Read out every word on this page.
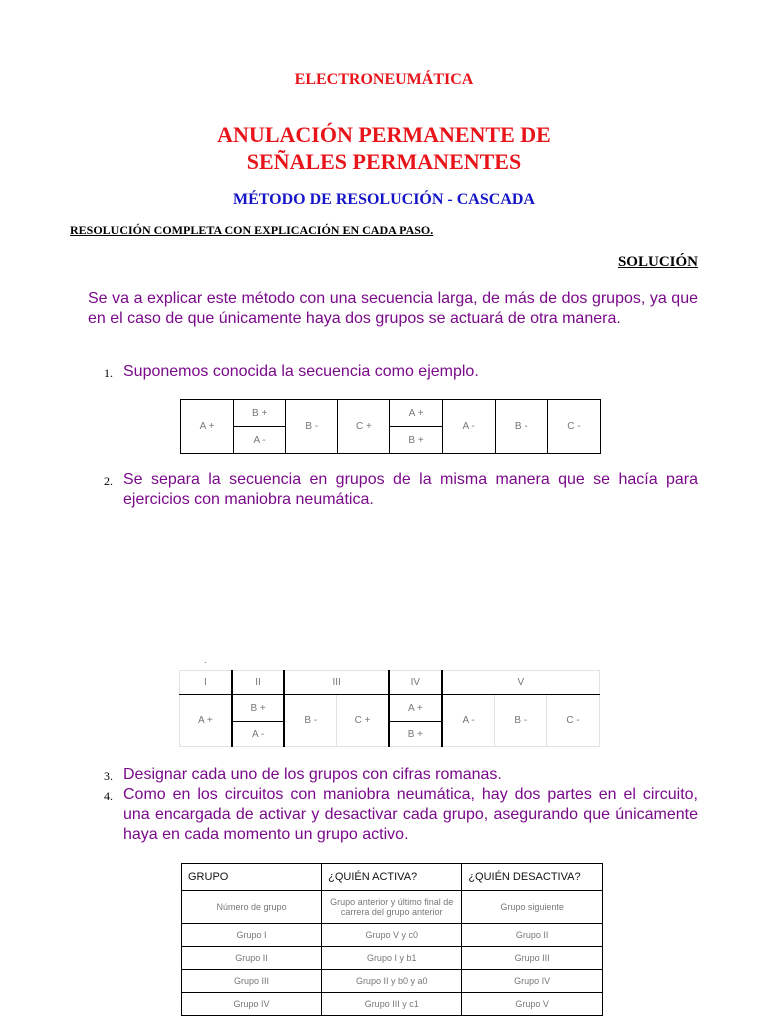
ELECTRONEUMÁTICA
ANULACIÓN PERMANENTE DE
SEÑALES PERMANENTES
MÉTODO DE RESOLUCIÓN - CASCADA
RESOLUCIÓN COMPLETA CON EXPLICACIÓN EN CADA PASO.
SOLUCIÓN
Se va a explicar este método con una secuencia larga, de más de dos grupos, ya que en el caso de que únicamente haya dos grupos se actuará de otra manera.
1. Suponemos conocida la secuencia como ejemplo.
A +	B +	B -	C +	A +	A -	B -	C -
	A -			B +			
2. Se separa la secuencia en grupos de la misma manera que se hacía para ejercicios con maniobra neumática.
.
I	II	III		IV	V		
A +	B +	B -	C +	A +	A -	B -	C -
	A -			B +			
3. Designar cada uno de los grupos con cifras romanas.
4. Como en los circuitos con maniobra neumática, hay dos partes en el circuito, una encargada de activar y desactivar cada grupo, asegurando que únicamente haya en cada momento un grupo activo.
GRUPO	¿QUIÉN ACTIVA?	¿QUIÉN DESACTIVA?
Número de grupo	Grupo anterior y último final de carrera del grupo anterior	Grupo siguiente
Grupo I	Grupo V y c0	Grupo II
Grupo II	Grupo I y b1	Grupo III
Grupo III	Grupo II y b0 y a0	Grupo IV
Grupo IV	Grupo III y c1	Grupo V
